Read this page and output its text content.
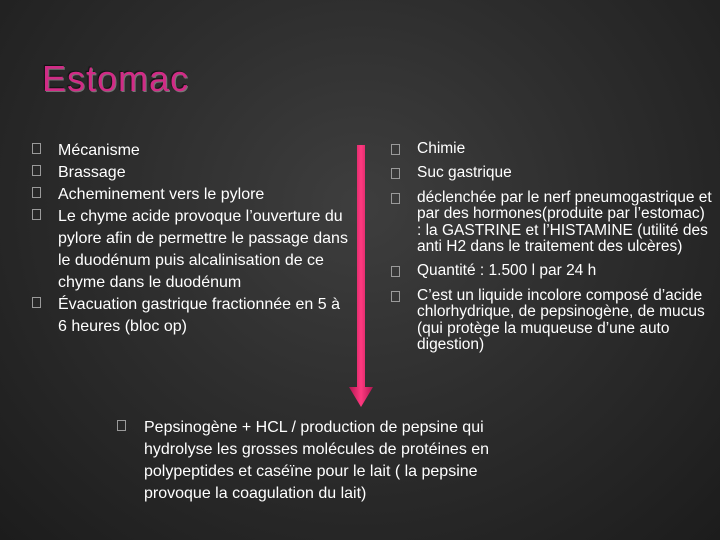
Estomac
Mécanisme
Brassage
Acheminement vers le pylore
Le chyme acide provoque l’ouverture du pylore afin de permettre le passage dans le duodénum puis alcalinisation de ce chyme dans le duodénum
Évacuation gastrique fractionnée en 5 à 6 heures (bloc op)
Chimie
Suc gastrique
déclenchée par le nerf pneumogastrique et par des hormones(produite par l’estomac) : la GASTRINE et l’HISTAMINE (utilité des anti H2 dans le traitement des ulcères)
Quantité : 1.500 l par 24 h
C’est un liquide incolore composé d’acide chlorhydrique, de pepsinogène, de mucus (qui protège la muqueuse d’une auto digestion)
Pepsinogène + HCL / production de pepsine qui hydrolyse les grosses molécules de protéines en polypeptides et caséïne pour le lait ( la pepsine provoque la coagulation du lait)
